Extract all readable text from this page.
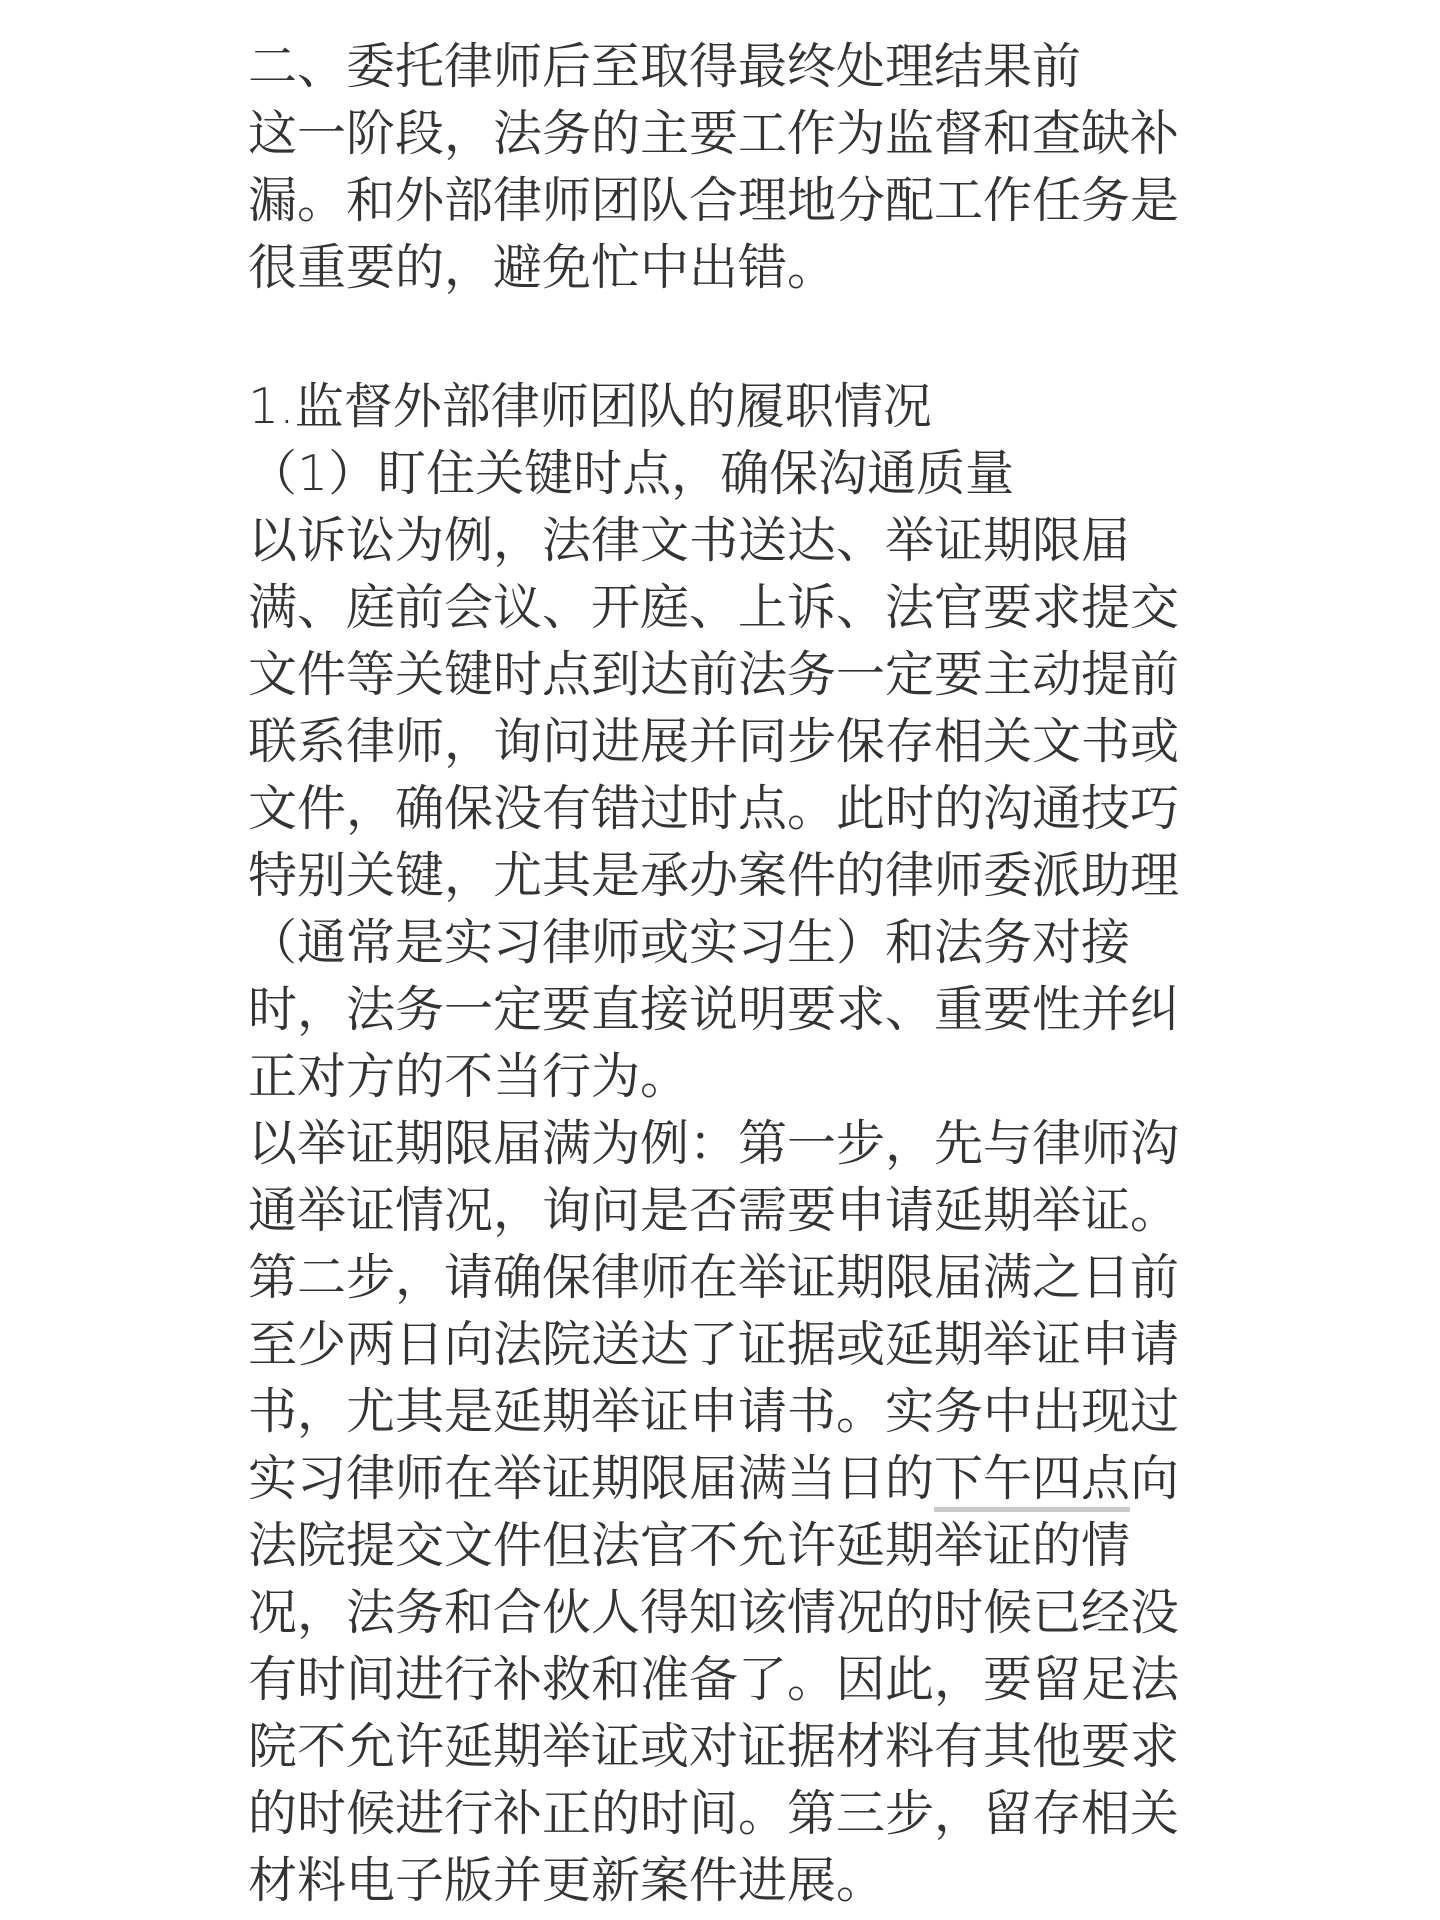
二、委托律师后至取得最终处理结果前

这一阶段，法务的主要工作为监督和查缺补漏。和外部律师团队合理地分配工作任务是很重要的，避免忙中出错。

1.监督外部律师团队的履职情况

（1）盯住关键时点，确保沟通质量

以诉讼为例，法律文书送达、举证期限届满、庭前会议、开庭、上诉、法官要求提交文件等关键时点到达前法务一定要主动提前联系律师，询问进展并同步保存相关文书或文件，确保没有错过时点。此时的沟通技巧特别关键，尤其是承办案件的律师委派助理（通常是实习律师或实习生）和法务对接时，法务一定要直接说明要求、重要性并纠正对方的不当行为。

以举证期限届满为例：第一步，先与律师沟通举证情况，询问是否需要申请延期举证。第二步，请确保律师在举证期限届满之日前至少两日向法院送达了证据或延期举证申请书，尤其是延期举证申请书。实务中出现过实习律师在举证期限届满当日的下午四点向法院提交文件但法官不允许延期举证的情况，法务和合伙人得知该情况的时候已经没有时间进行补救和准备了。因此，要留足法院不允许延期举证或对证据材料有其他要求的时候进行补正的时间。第三步，留存相关材料电子版并更新案件进展。
